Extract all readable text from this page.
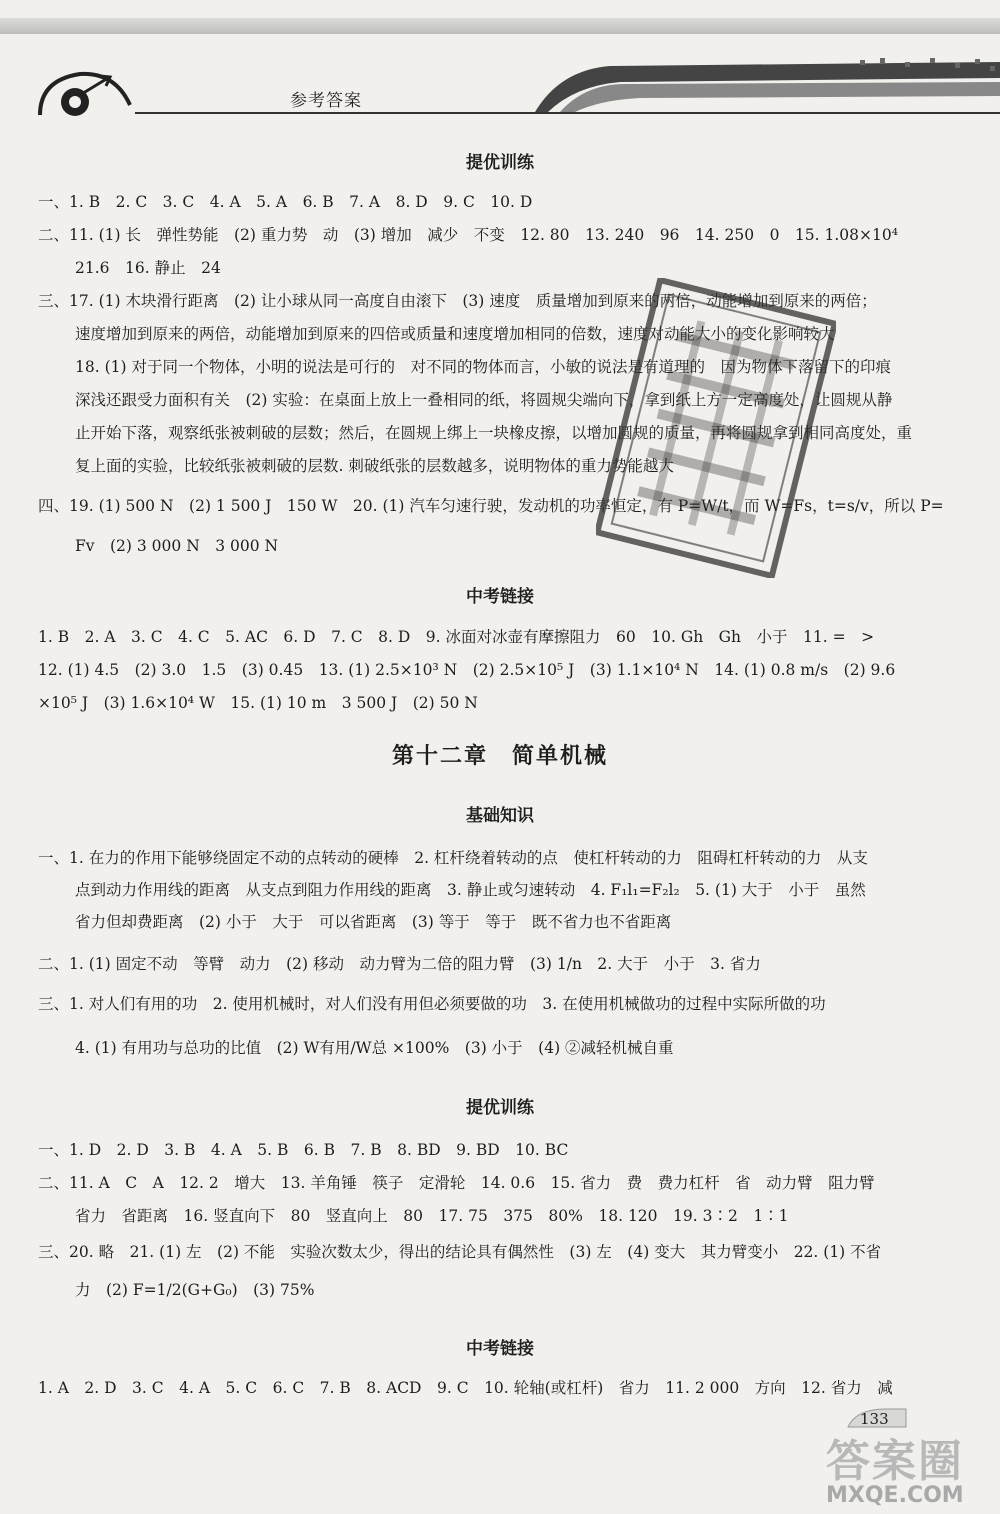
参考答案
提优训练
一、1. B　2. C　3. C　4. A　5. A　6. B　7. A　8. D　9. C　10. D
二、11. (1) 长　弹性势能　(2) 重力势　动　(3) 增加　减少　不变　12. 80　13. 240　96　14. 250　0　15. 1.08×10⁴
21.6　16. 静止　24
三、17. (1) 木块滑行距离　(2) 让小球从同一高度自由滚下　(3) 速度　质量增加到原来的两倍，动能增加到原来的两倍；
速度增加到原来的两倍，动能增加到原来的四倍或质量和速度增加相同的倍数，速度对动能大小的变化影响较大
18. (1) 对于同一个物体，小明的说法是可行的　对不同的物体而言，小敏的说法是有道理的　因为物体下落留下的印痕
深浅还跟受力面积有关　(2) 实验：在桌面上放上一叠相同的纸，将圆规尖端向下，拿到纸上方一定高度处，让圆规从静
止开始下落，观察纸张被刺破的层数；然后，在圆规上绑上一块橡皮擦，以增加圆规的质量，再将圆规拿到相同高度处，重
复上面的实验，比较纸张被刺破的层数. 刺破纸张的层数越多，说明物体的重力势能越大
四、19. (1) 500 N　(2) 1 500 J　150 W　20. (1) 汽车匀速行驶，发动机的功率恒定，有 P=W/t，而 W=Fs，t=s/v，所以 P=
Fv　(2) 3 000 N　3 000 N
中考链接
1. B　2. A　3. C　4. C　5. AC　6. D　7. C　8. D　9. 冰面对冰壶有摩擦阻力　60　10. Gh　Gh　小于　11. =　>
12. (1) 4.5　(2) 3.0　1.5　(3) 0.45　13. (1) 2.5×10³ N　(2) 2.5×10⁵ J　(3) 1.1×10⁴ N　14. (1) 0.8 m/s　(2) 9.6
×10⁵ J　(3) 1.6×10⁴ W　15. (1) 10 m　3 500 J　(2) 50 N
第十二章　简单机械
基础知识
一、1. 在力的作用下能够绕固定不动的点转动的硬棒　2. 杠杆绕着转动的点　使杠杆转动的力　阻碍杠杆转动的力　从支
点到动力作用线的距离　从支点到阻力作用线的距离　3. 静止或匀速转动　4. F₁l₁=F₂l₂　5. (1) 大于　小于　虽然
省力但却费距离　(2) 小于　大于　可以省距离　(3) 等于　等于　既不省力也不省距离
二、1. (1) 固定不动　等臂　动力　(2) 移动　动力臂为二倍的阻力臂　(3) 1/n　2. 大于　小于　3. 省力
三、1. 对人们有用的功　2. 使用机械时，对人们没有用但必须要做的功　3. 在使用机械做功的过程中实际所做的功
4. (1) 有用功与总功的比值　(2) W有用/W总 ×100%　(3) 小于　(4) ②减轻机械自重
提优训练
一、1. D　2. D　3. B　4. A　5. B　6. B　7. B　8. BD　9. BD　10. BC
二、11. A　C　A　12. 2　增大　13. 羊角锤　筷子　定滑轮　14. 0.6　15. 省力　费　费力杠杆　省　动力臂　阻力臂
省力　省距离　16. 竖直向下　80　竖直向上　80　17. 75　375　80%　18. 120　19. 3∶2　1∶1
三、20. 略　21. (1) 左　(2) 不能　实验次数太少，得出的结论具有偶然性　(3) 左　(4) 变大　其力臂变小　22. (1) 不省
力　(2) F=1/2(G+G₀)　(3) 75%
中考链接
1. A　2. D　3. C　4. A　5. C　6. C　7. B　8. ACD　9. C　10. 轮轴(或杠杆)　省力　11. 2 000　方向　12. 省力　减
133
答案圈
MXQE.COM
